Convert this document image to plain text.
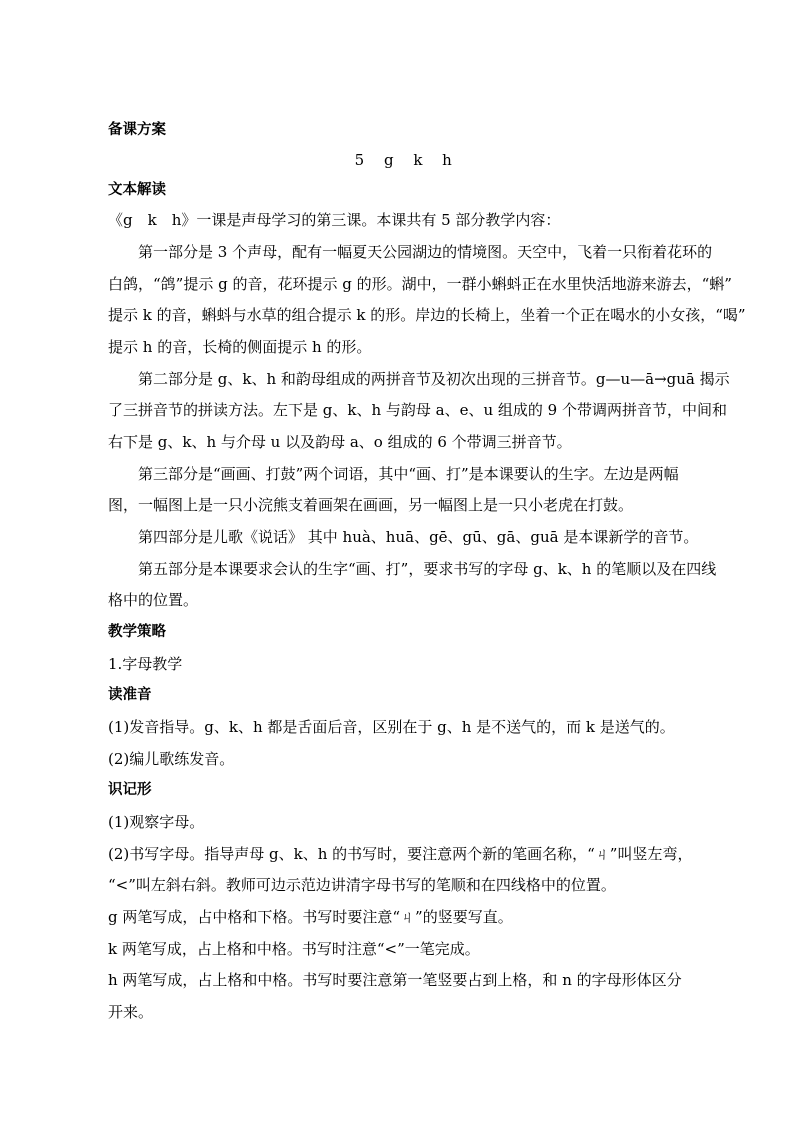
备课方案
5 g k h
文本解读
《g　k　h》一课是声母学习的第三课。本课共有 5 部分教学内容：
第一部分是 3 个声母，配有一幅夏天公园湖边的情境图。天空中，飞着一只衔着花环的
白鸽，“鸽”提示 g 的音，花环提示 g 的形。湖中，一群小蝌蚪正在水里快活地游来游去，“蝌”
提示 k 的音，蝌蚪与水草的组合提示 k 的形。岸边的长椅上，坐着一个正在喝水的小女孩，“喝”
提示 h 的音，长椅的侧面提示 h 的形。
第二部分是 g、k、h 和韵母组成的两拼音节及初次出现的三拼音节。g—u—ā→guā 揭示
了三拼音节的拼读方法。左下是 g、k、h 与韵母 a、e、u 组成的 9 个带调两拼音节，中间和
右下是 g、k、h 与介母 u 以及韵母 a、o 组成的 6 个带调三拼音节。
第三部分是“画画、打鼓”两个词语，其中“画、打”是本课要认的生字。左边是两幅
图，一幅图上是一只小浣熊支着画架在画画，另一幅图上是一只小老虎在打鼓。
第四部分是儿歌《说话》 其中 huà、huā、gē、gū、gā、guā 是本课新学的音节。
第五部分是本课要求会认的生字“画、打”，要求书写的字母 g、k、h 的笔顺以及在四线
格中的位置。
教学策略
1.字母教学
读准音
(1)发音指导。g、k、h 都是舌面后音，区别在于 g、h 是不送气的，而 k 是送气的。
(2)编儿歌练发音。
识记形
(1)观察字母。
(2)书写字母。指导声母 g、k、h 的书写时，要注意两个新的笔画名称，“ㄐ”叫竖左弯，
“<”叫左斜右斜。教师可边示范边讲清字母书写的笔顺和在四线格中的位置。
g 两笔写成，占中格和下格。书写时要注意“ㄐ”的竖要写直。
k 两笔写成，占上格和中格。书写时注意“<”一笔完成。
h 两笔写成，占上格和中格。书写时要注意第一笔竖要占到上格，和 n 的字母形体区分
开来。
